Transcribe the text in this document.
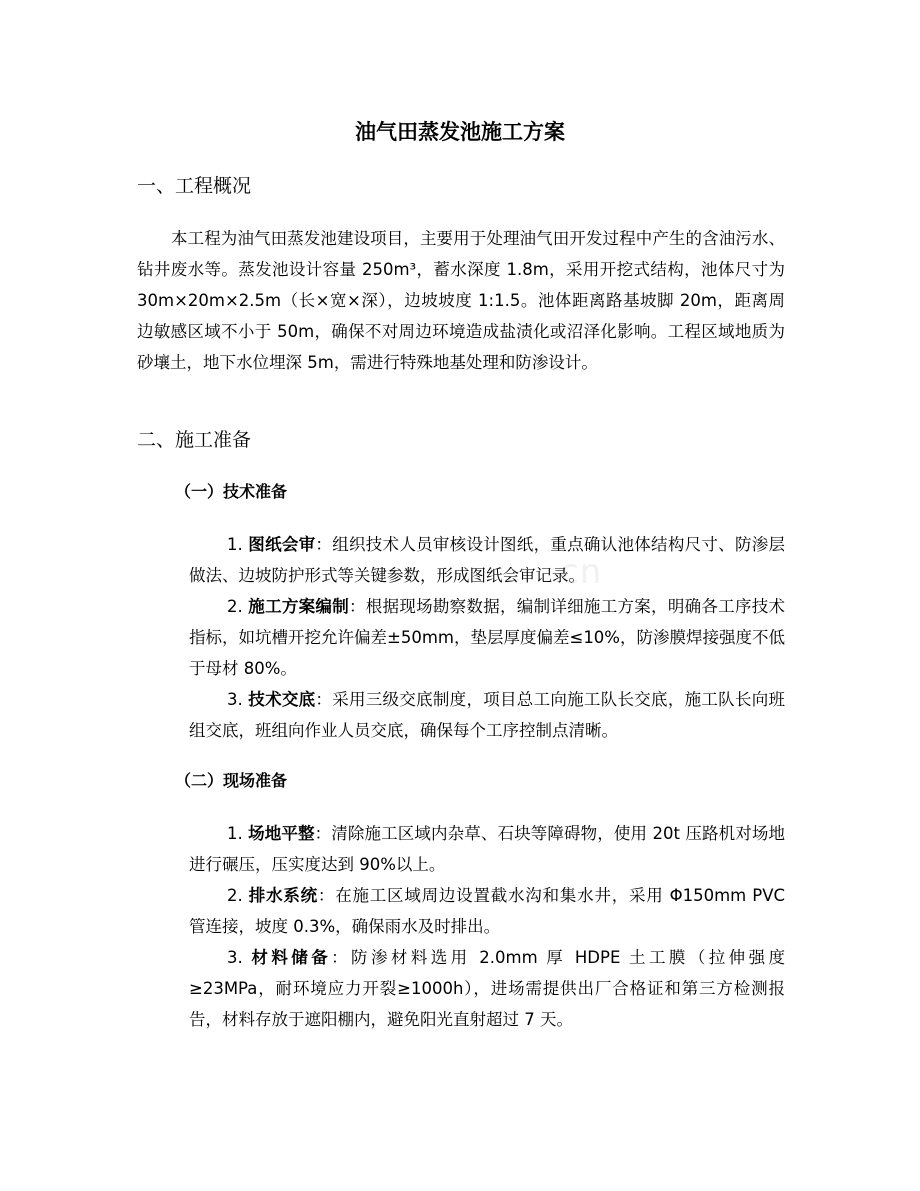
cn
油气田蒸发池施工方案
一、工程概况

本工程为油气田蒸发池建设项目，主要用于处理油气田开发过程中产生的含油污水、钻井废水等。蒸发池设计容量 250m³，蓄水深度 1.8m，采用开挖式结构，池体尺寸为 30m×20m×2.5m（长×宽×深），边坡坡度 1:1.5。池体距离路基坡脚 20m，距离周边敏感区域不小于 50m，确保不对周边环境造成盐渍化或沼泽化影响。工程区域地质为砂壤土，地下水位埋深 5m，需进行特殊地基处理和防渗设计。

二、施工准备
（一）技术准备

1. 图纸会审：组织技术人员审核设计图纸，重点确认池体结构尺寸、防渗层做法、边坡防护形式等关键参数，形成图纸会审记录。

2. 施工方案编制：根据现场勘察数据，编制详细施工方案，明确各工序技术指标，如坑槽开挖允许偏差±50mm，垫层厚度偏差≤10%，防渗膜焊接强度不低于母材 80%。

3. 技术交底：采用三级交底制度，项目总工向施工队长交底，施工队长向班组交底，班组向作业人员交底，确保每个工序控制点清晰。

（二）现场准备

1. 场地平整：清除施工区域内杂草、石块等障碍物，使用 20t 压路机对场地进行碾压，压实度达到 90%以上。

2. 排水系统：在施工区域周边设置截水沟和集水井，采用 Φ150mm PVC 管连接，坡度 0.3%，确保雨水及时排出。

3. 材料储备：防渗材料选用 2.0mm 厚 HDPE 土工膜（拉伸强度≥23MPa，耐环境应力开裂≥1000h），进场需提供出厂合格证和第三方检测报告，材料存放于遮阳棚内，避免阳光直射超过 7 天。
